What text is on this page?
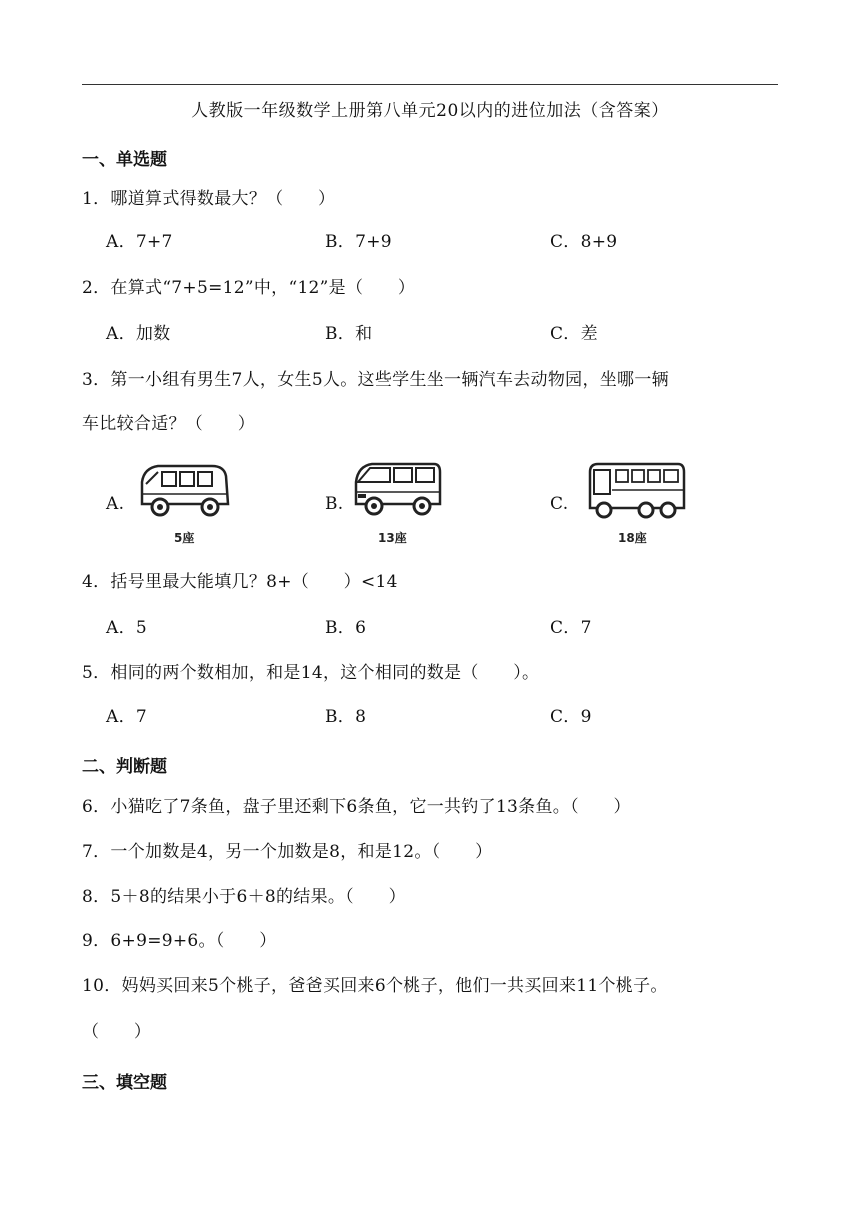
人教版一年级数学上册第八单元20以内的进位加法（含答案）
一、单选题
1．哪道算式得数最大？（　　）
A．7+7	B．7+9	C．8+9
2．在算式“7+5=12”中，“12”是（　　）
A．加数	B．和	C．差
3．第一小组有男生7人，女生5人。这些学生坐一辆汽车去动物园，坐哪一辆
车比较合适？（　　）
A.	B.	C.
5座	13座	18座
4．括号里最大能填几？8+（　　）<14
A．5	B．6	C．7
5．相同的两个数相加，和是14，这个相同的数是（　　）。
A．7	B．8	C．9
二、判断题
6．小猫吃了7条鱼，盘子里还剩下6条鱼，它一共钓了13条鱼。（　　）
7．一个加数是4，另一个加数是8，和是12。（　　）
8．5＋8的结果小于6＋8的结果。（　　）
9．6+9=9+6。（　　）
10．妈妈买回来5个桃子，爸爸买回来6个桃子，他们一共买回来11个桃子。
（　　）
三、填空题
